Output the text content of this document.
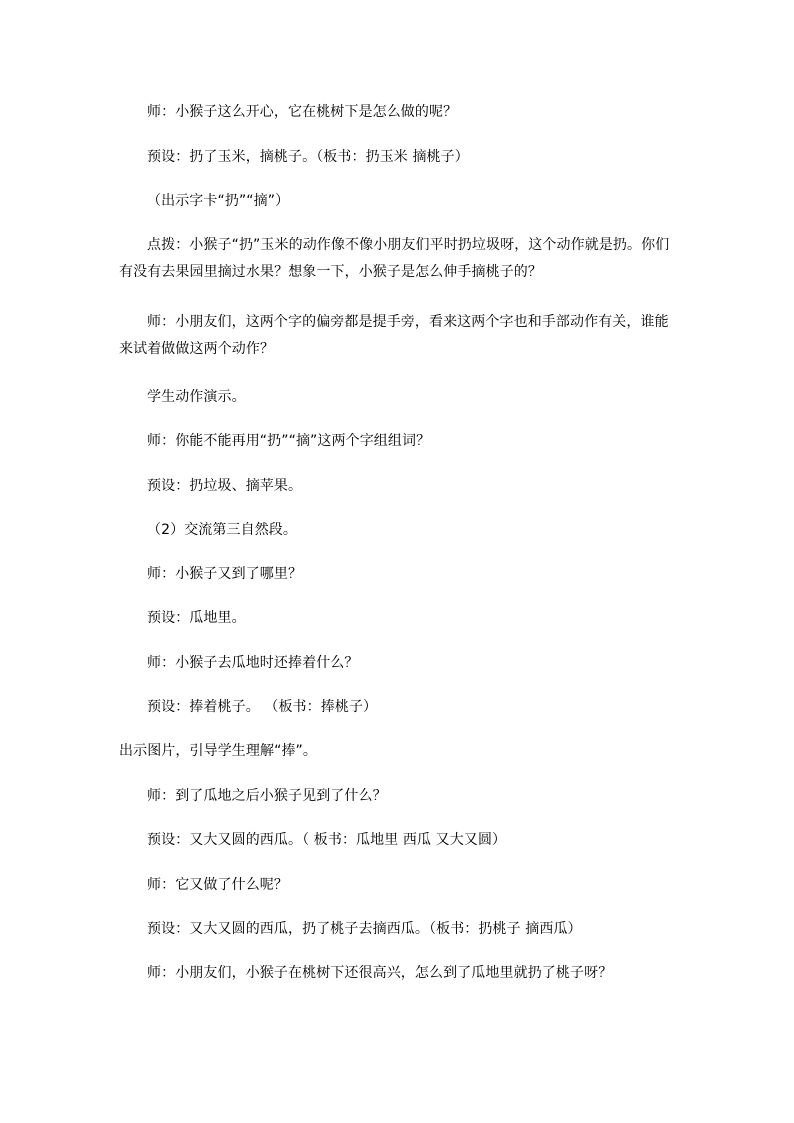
师：小猴子这么开心，它在桃树下是怎么做的呢？
预设：扔了玉米，摘桃子。（板书：扔玉米 摘桃子）
（出示字卡“扔”“摘”）
点拨：小猴子“扔”玉米的动作像不像小朋友们平时扔垃圾呀，这个动作就是扔。你们有没有去果园里摘过水果？想象一下，小猴子是怎么伸手摘桃子的？
师：小朋友们，这两个字的偏旁都是提手旁，看来这两个字也和手部动作有关，谁能来试着做做这两个动作？
学生动作演示。
师：你能不能再用“扔”“摘”这两个字组组词？
预设：扔垃圾、摘苹果。
（2）交流第三自然段。
师：小猴子又到了哪里？
预设：瓜地里。
师：小猴子去瓜地时还捧着什么？
预设：捧着桃子。 （板书：捧桃子）
出示图片，引导学生理解“捧”。
师：到了瓜地之后小猴子见到了什么？
预设：又大又圆的西瓜。（ 板书：瓜地里 西瓜 又大又圆）
师：它又做了什么呢？
预设：又大又圆的西瓜，扔了桃子去摘西瓜。（板书：扔桃子 摘西瓜）
师：小朋友们，小猴子在桃树下还很高兴，怎么到了瓜地里就扔了桃子呀？
